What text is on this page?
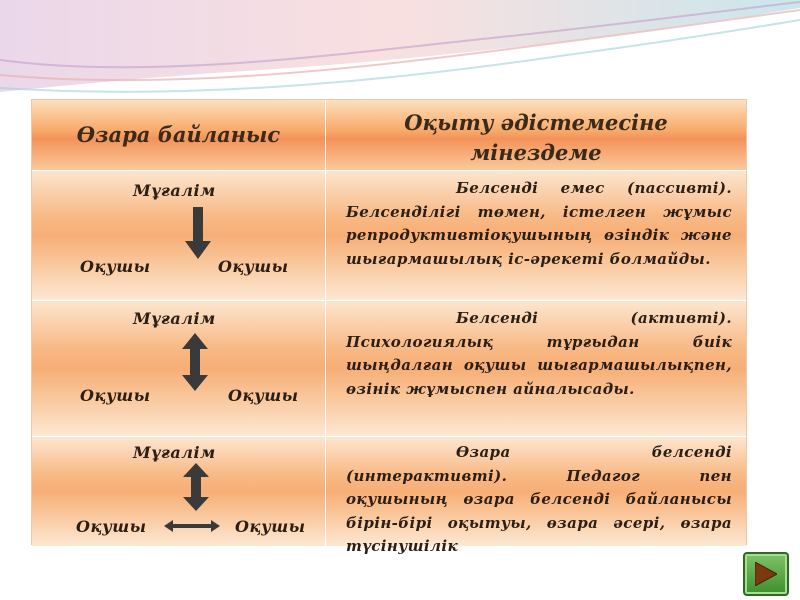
Өзара байланыс	Оқыту әдістемесіне мінездеме
Мұғалім
Оқушы	Оқушы
Белсенді емес (пассивті). Белсенділігі төмен, істелген жұмыс репродуктивтіоқушының өзіндік және шығармашылық іс-әрекеті болмайды.
Мұғалім
Оқушы	Оқушы
Белсенді (активті). Психологиялық тұрғыдан биік шыңдалған оқушы шығармашылықпен, өзінік жұмыспен айналысады.
Мұғалім
Оқушы	Оқушы
Өзара белсенді (интерактивті). Педагог пен оқушының өзара белсенді байланысы бірін-бірі оқытуы, өзара әсері, өзара түсінушілік
